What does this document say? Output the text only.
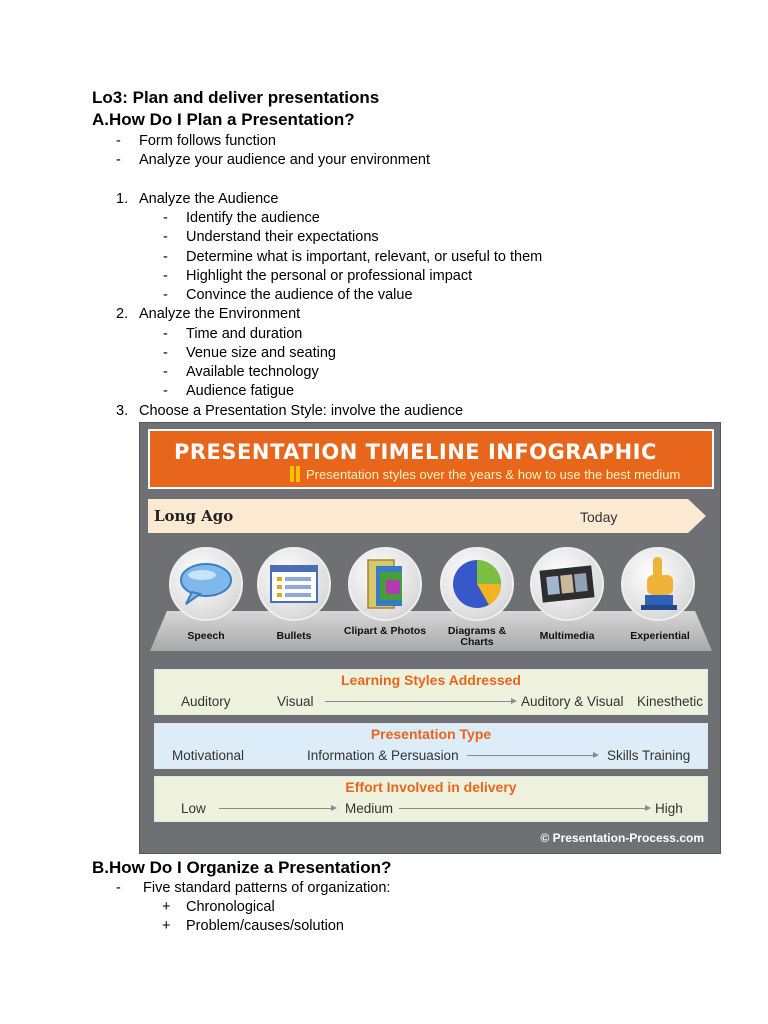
Lo3: Plan and deliver presentations
A.How Do I Plan a Presentation?
- Form follows function
- Analyze your audience and your environment
1. Analyze the Audience
- Identify the audience
- Understand their expectations
- Determine what is important, relevant, or useful to them
- Highlight the personal or professional impact
- Convince the audience of the value
2. Analyze the Environment
- Time and duration
- Venue size and seating
- Available technology
- Audience fatigue
3. Choose a Presentation Style: involve the audience
PRESENTATION TIMELINE INFOGRAPHIC
Presentation styles over the years & how to use the best medium
Long Ago	Today
Speech	Bullets	Clipart & Photos	Diagrams & Charts	Multimedia	Experiential
Learning Styles Addressed
Auditory	Visual	Auditory & Visual Kinesthetic
Presentation Type
Motivational	Information & Persuasion	Skills Training
Effort Involved in delivery
Low	Medium	High
© Presentation-Process.com
B.How Do I Organize a Presentation?
- Five standard patterns of organization:
+ Chronological
+ Problem/causes/solution
